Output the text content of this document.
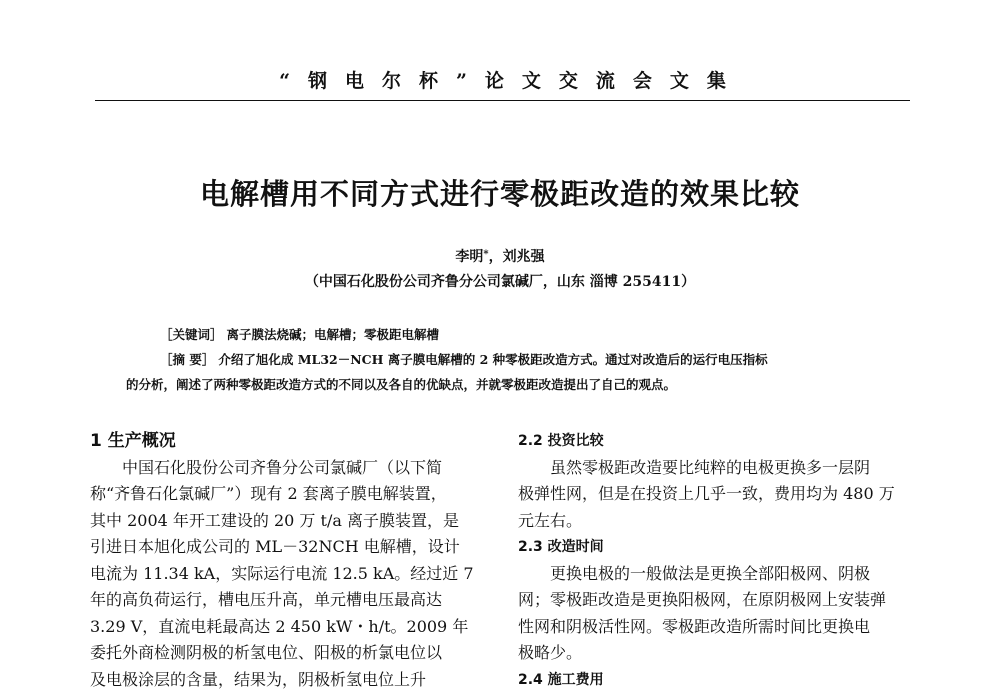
“钢电尔杯”论文交流会文集
电解槽用不同方式进行零极距改造的效果比较
李明*，刘兆强
（中国石化股份公司齐鲁分公司氯碱厂，山东 淄博 255411）
［关键词］ 离子膜法烧碱；电解槽；零极距电解槽
［摘 要］ 介绍了旭化成 ML32－NCH 离子膜电解槽的 2 种零极距改造方式。通过对改造后的运行电压指标
的分析，阐述了两种零极距改造方式的不同以及各自的优缺点，并就零极距改造提出了自己的观点。
1 生产概况
中国石化股份公司齐鲁分公司氯碱厂（以下简
称“齐鲁石化氯碱厂”）现有 2 套离子膜电解装置，
其中 2004 年开工建设的 20 万 t/a 离子膜装置，是
引进日本旭化成公司的 ML－32NCH 电解槽，设计
电流为 11.34 kA，实际运行电流 12.5 kA。经过近 7
年的高负荷运行，槽电压升高，单元槽电压最高达
3.29 V，直流电耗最高达 2 450 kW・h/t。2009 年
委托外商检测阴极的析氢电位、阳极的析氯电位以
及电极涂层的含量，结果为，阴极析氢电位上升
2.2 投资比较
虽然零极距改造要比纯粹的电极更换多一层阴
极弹性网，但是在投资上几乎一致，费用均为 480 万
元左右。
2.3 改造时间
更换电极的一般做法是更换全部阳极网、阴极
网；零极距改造是更换阳极网，在原阴极网上安装弹
性网和阴极活性网。零极距改造所需时间比更换电
极略少。
2.4 施工费用
